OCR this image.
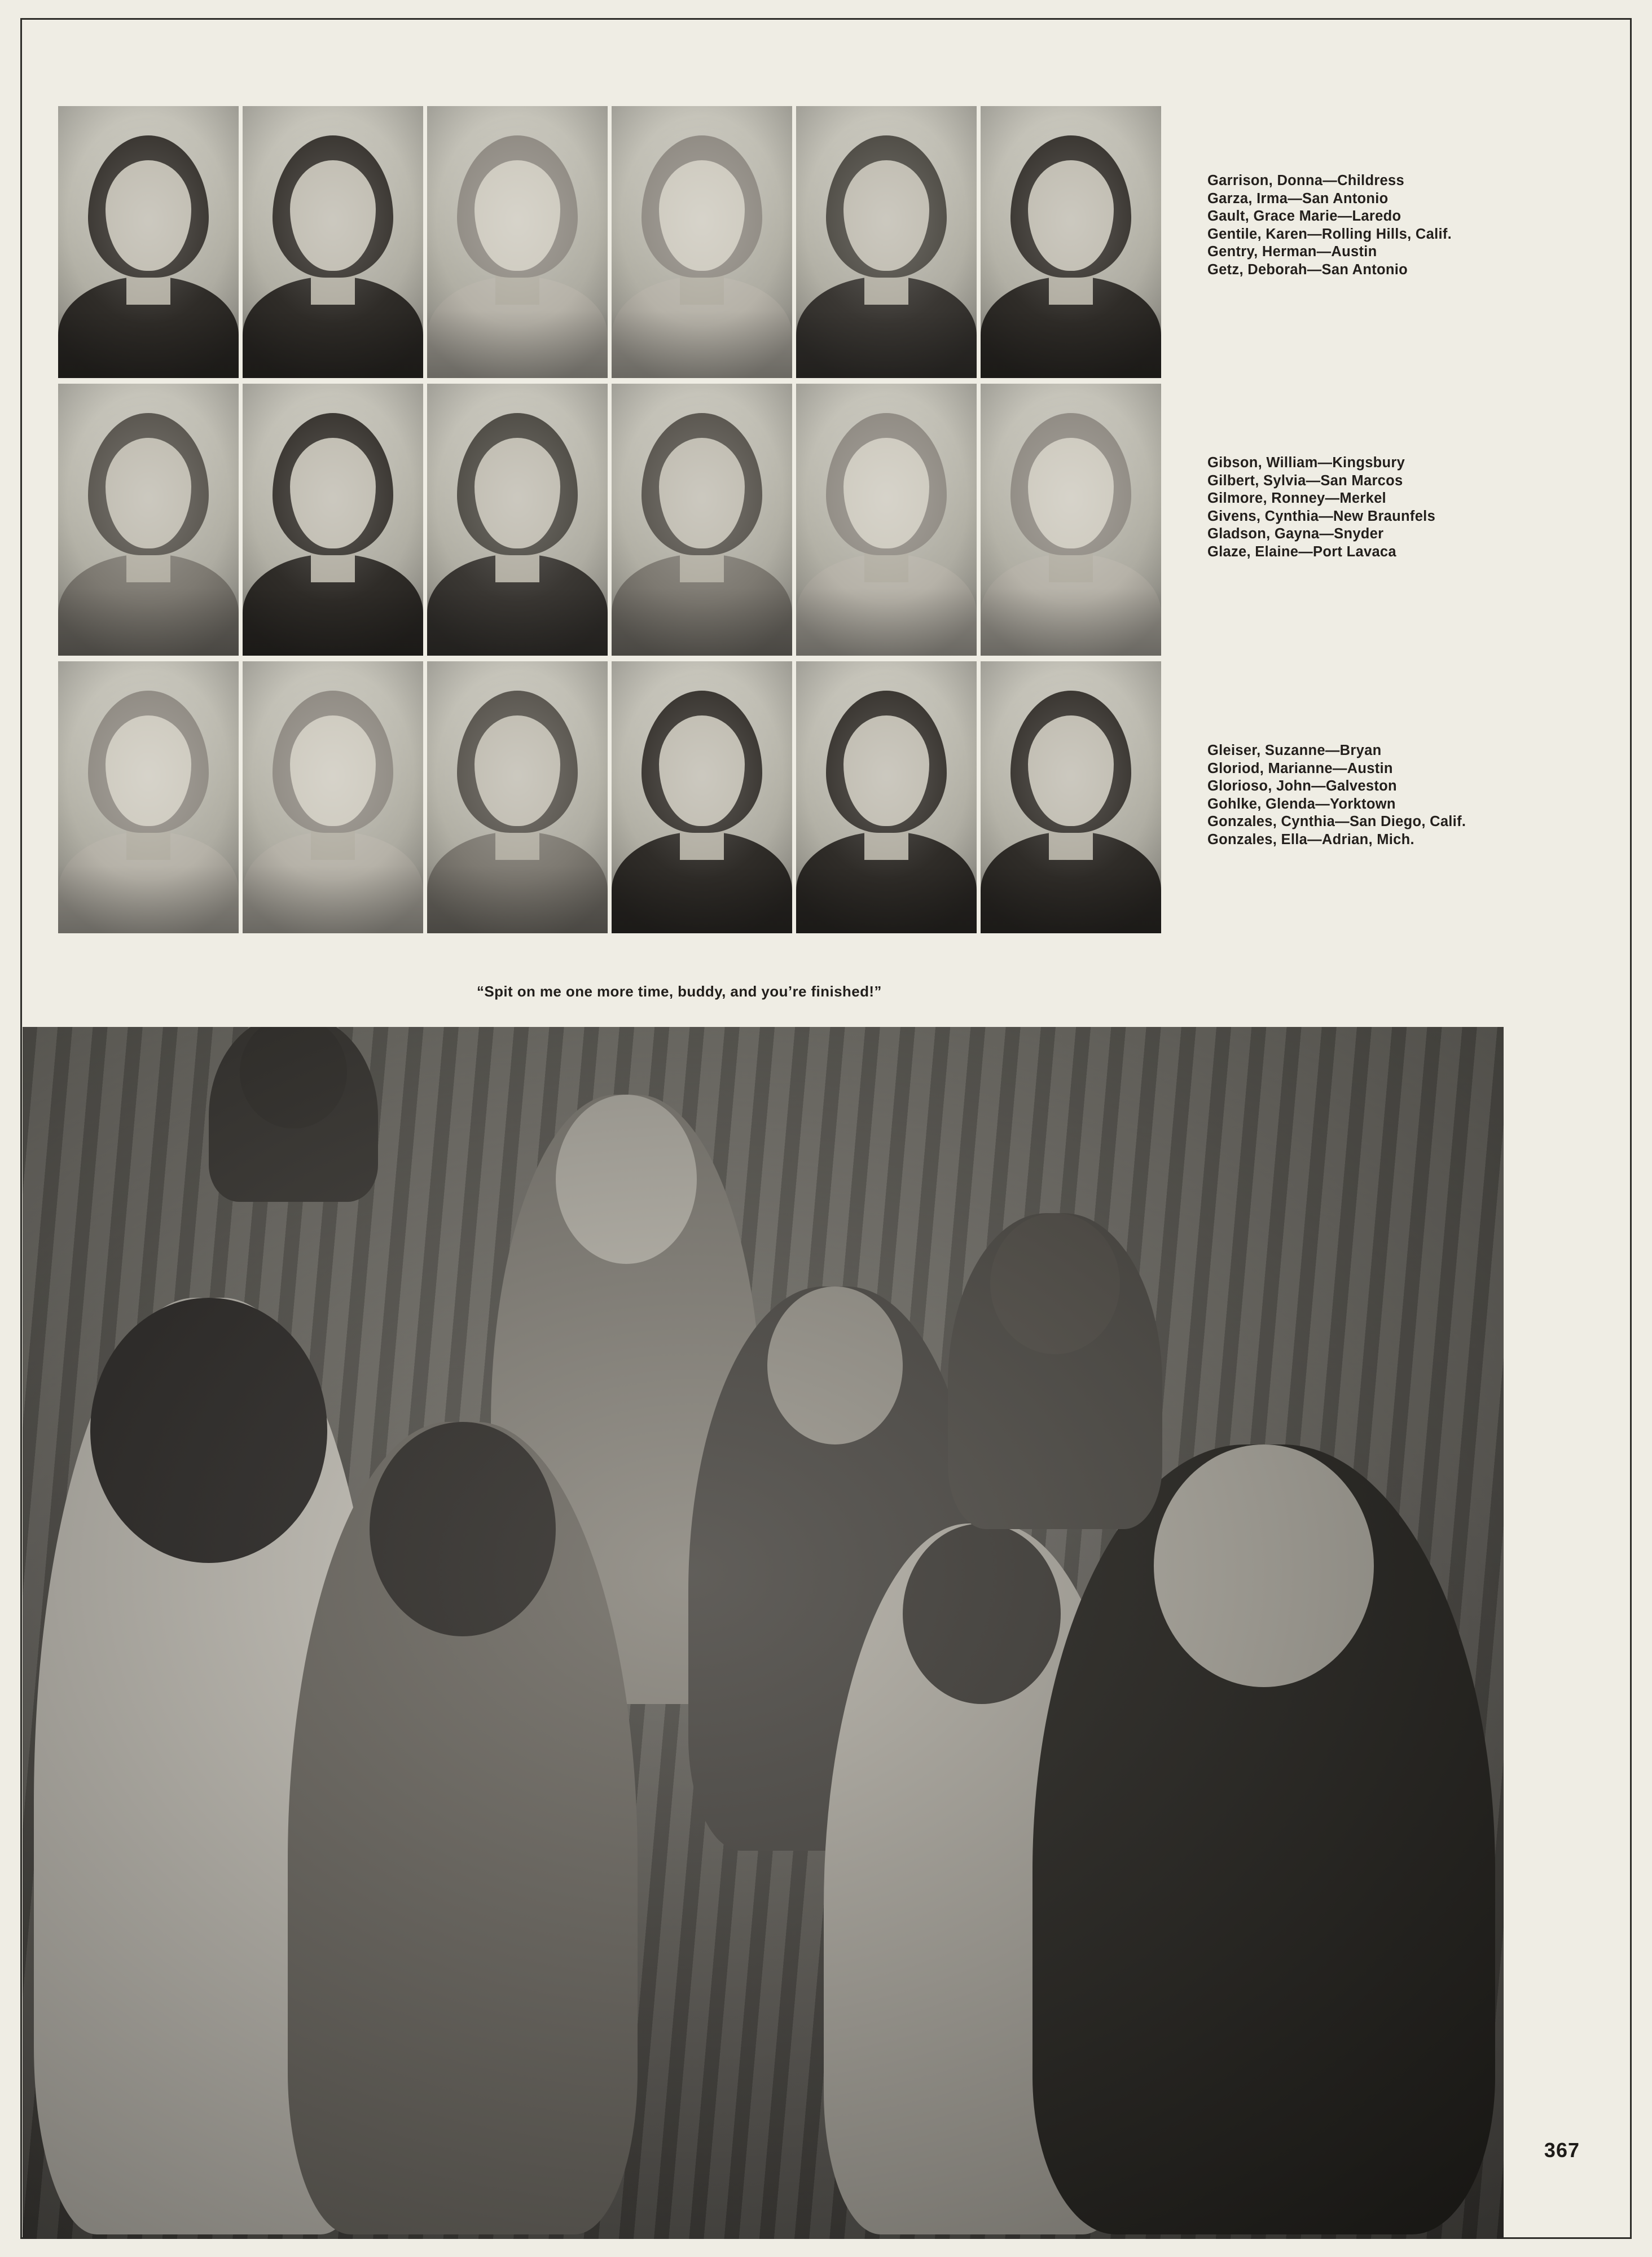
Garrison, Donna—Childress
Garza, Irma—San Antonio
Gault, Grace Marie—Laredo
Gentile, Karen—Rolling Hills, Calif.
Gentry, Herman—Austin
Getz, Deborah—San Antonio
Gibson, William—Kingsbury
Gilbert, Sylvia—San Marcos
Gilmore, Ronney—Merkel
Givens, Cynthia—New Braunfels
Gladson, Gayna—Snyder
Glaze, Elaine—Port Lavaca
Gleiser, Suzanne—Bryan
Gloriod, Marianne—Austin
Glorioso, John—Galveston
Gohlke, Glenda—Yorktown
Gonzales, Cynthia—San Diego, Calif.
Gonzales, Ella—Adrian, Mich.
“Spit on me one more time, buddy, and you’re finished!”
367
